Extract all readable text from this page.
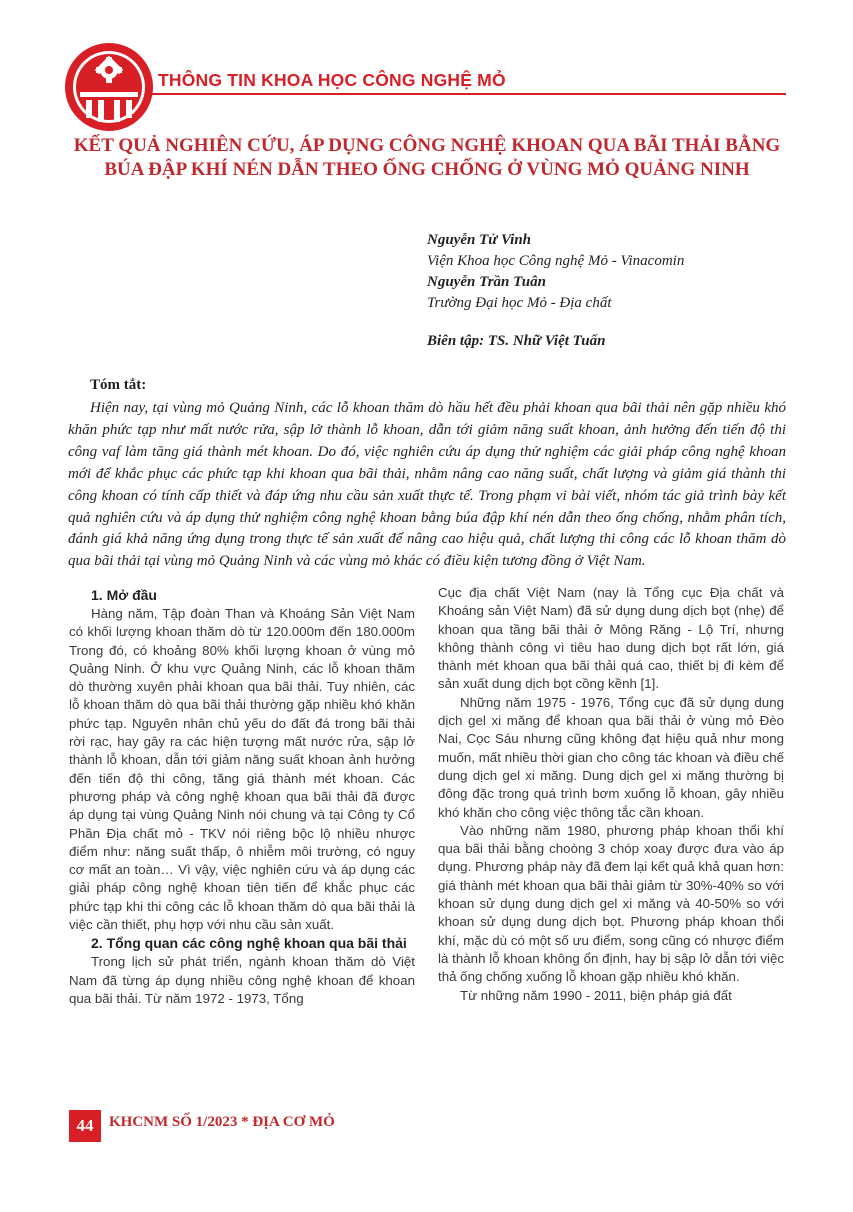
THÔNG TIN KHOA HỌC CÔNG NGHỆ MỎ
KẾT QUẢ NGHIÊN CỨU, ÁP DỤNG CÔNG NGHỆ KHOAN QUA BÃI THẢI BẰNG BÚA ĐẬP KHÍ NÉN DẪN THEO ỐNG CHỐNG Ở VÙNG MỎ QUẢNG NINH
Nguyễn Tử Vinh
Viện Khoa học Công nghệ Mỏ - Vinacomin
Nguyễn Trần Tuân
Trường Đại học Mỏ - Địa chất
Biên tập: TS. Nhữ Việt Tuấn
Tóm tắt:

Hiện nay, tại vùng mỏ Quảng Ninh, các lỗ khoan thăm dò hầu hết đều phải khoan qua bãi thải nên gặp nhiều khó khăn phức tạp như mất nước rửa, sập lở thành lỗ khoan, dẫn tới giảm năng suất khoan, ảnh hưởng đến tiến độ thi công vaf làm tăng giá thành mét khoan. Do đó, việc nghiên cứu áp dụng thử nghiệm các giải pháp công nghệ khoan mới để khắc phục các phức tạp khi khoan qua bãi thải, nhằm nâng cao năng suất, chất lượng và giảm giá thành thi công khoan có tính cấp thiết và đáp ứng nhu cầu sản xuất thực tế. Trong phạm vi bài viết, nhóm tác giả trình bày kết quả nghiên cứu và áp dụng thử nghiệm công nghệ khoan bằng búa đập khí nén dẫn theo ống chống, nhằm phân tích, đánh giá khả năng ứng dụng trong thực tế sản xuất để nâng cao hiệu quả, chất lượng thi công các lỗ khoan thăm dò qua bãi thải tại vùng mỏ Quảng Ninh và các vùng mỏ khác có điều kiện tương đồng ở Việt Nam.

1. Mở đầu

Hàng năm, Tập đoàn Than và Khoáng Sản Việt Nam có khối lượng khoan thăm dò từ 120.000m đến 180.000m Trong đó, có khoảng 80% khối lượng khoan ở vùng mỏ Quảng Ninh. Ở khu vực Quảng Ninh, các lỗ khoan thăm dò thường xuyên phải khoan qua bãi thải. Tuy nhiên, các lỗ khoan thăm dò qua bãi thải thường gặp nhiều khó khăn phức tạp. Nguyên nhân chủ yếu do đất đá trong bãi thải rời rạc, hay gây ra các hiện tượng mất nước rửa, sập lở thành lỗ khoan, dẫn tới giảm năng suất khoan ảnh hưởng đến tiến độ thi công, tăng giá thành mét khoan. Các phương pháp và công nghệ khoan qua bãi thải đã được áp dụng tại vùng Quảng Ninh nói chung và tại Công ty Cổ Phần Địa chất mỏ - TKV nói riêng bộc lộ nhiều nhược điểm như: năng suất thấp, ô nhiễm môi trường, có nguy cơ mất an toàn… Vì vậy, việc nghiên cứu và áp dụng các giải pháp công nghệ khoan tiên tiến để khắc phục các phức tạp khi thi công các lỗ khoan thăm dò qua bãi thải là việc cần thiết, phụ hợp với nhu cầu sản xuất.

2. Tổng quan các công nghệ khoan qua bãi thải

Trong lịch sử phát triển, ngành khoan thăm dò Việt Nam đã từng áp dụng nhiều công nghệ khoan để khoan qua bãi thải. Từ năm 1972 - 1973, Tổng

Cục địa chất Việt Nam (nay là Tổng cục Địa chất và Khoáng sản Việt Nam) đã sử dụng dung dịch bọt (nhẹ) để khoan qua tầng bãi thải ở Mông Răng - Lộ Trí, nhưng không thành công vì tiêu hao dung dịch bọt rất lớn, giá thành mét khoan qua bãi thải quá cao, thiết bị đi kèm để sản xuất dung dịch bọt cồng kềnh [1].

Những năm 1975 - 1976, Tổng cục đã sử dụng dung dịch gel xi măng để khoan qua bãi thải ở vùng mỏ Đèo Nai, Cọc Sáu nhưng cũng không đạt hiệu quả như mong muốn, mất nhiều thời gian cho công tác khoan và điều chế dung dịch gel xi măng. Dung dịch gel xi măng thường bị đông đặc trong quá trình bơm xuống lỗ khoan, gây nhiều khó khăn cho công việc thông tắc cần khoan.

Vào những năm 1980, phương pháp khoan thổi khí qua bãi thải bằng choòng 3 chóp xoay được đưa vào áp dụng. Phương pháp này đã đem lại kết quả khả quan hơn: giá thành mét khoan qua bãi thải giảm từ 30%-40% so với khoan sử dụng dung dịch gel xi măng và 40-50% so với khoan sử dụng dung dịch bọt. Phương pháp khoan thổi khí, mặc dù có một số ưu điểm, song cũng có nhược điểm là thành lỗ khoan không ổn định, hay bị sập lở dẫn tới việc thả ống chống xuống lỗ khoan gặp nhiều khó khăn.

Từ những năm 1990 - 2011, biện pháp giá đất

44	KHCNM SỐ 1/2023 * ĐỊA CƠ MỎ
